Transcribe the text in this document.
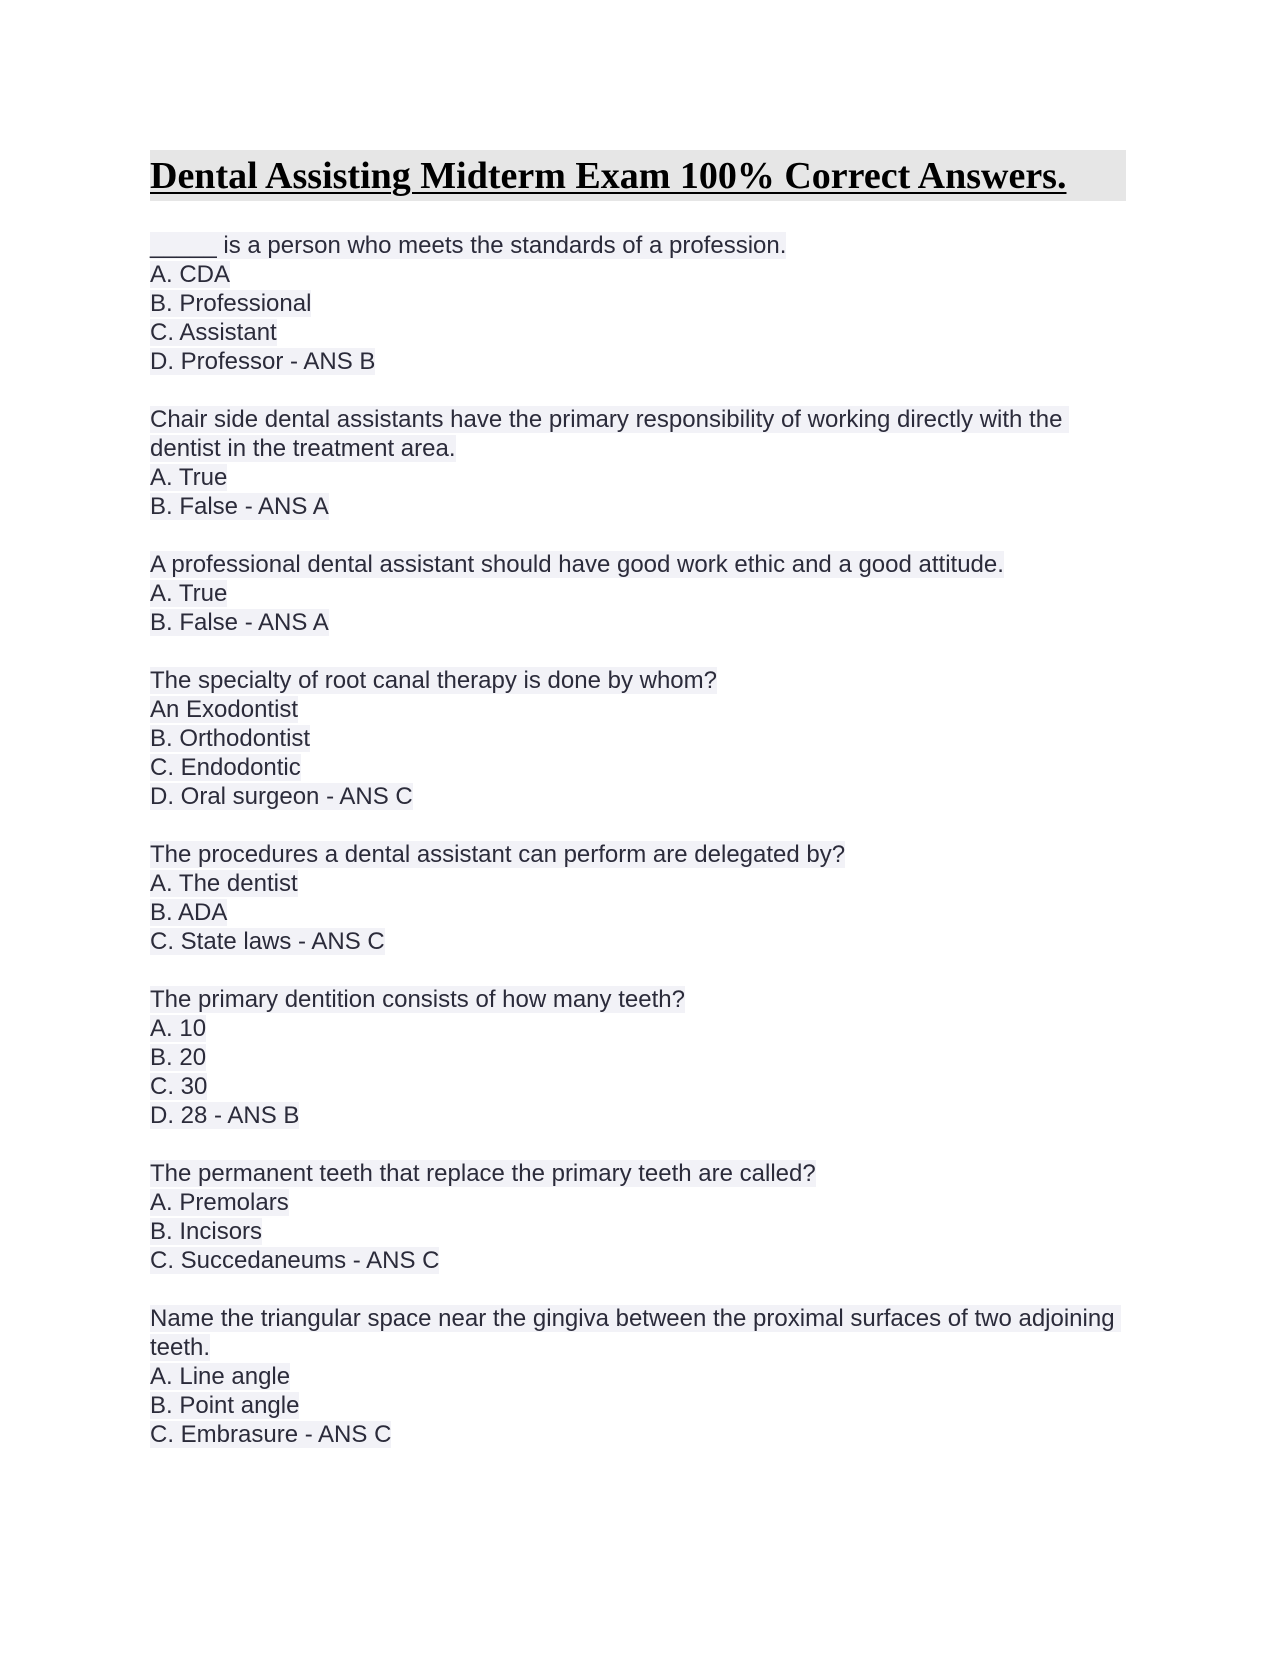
Dental Assisting Midterm Exam 100% Correct Answers.
_____ is a person who meets the standards of a profession.
A. CDA
B. Professional
C. Assistant
D. Professor - ANS B
Chair side dental assistants have the primary responsibility of working directly with the dentist in the treatment area.
A. True
B. False - ANS A
A professional dental assistant should have good work ethic and a good attitude.
A. True
B. False - ANS A
The specialty of root canal therapy is done by whom?
An Exodontist
B. Orthodontist
C. Endodontic
D. Oral surgeon - ANS C
The procedures a dental assistant can perform are delegated by?
A. The dentist
B. ADA
C. State laws - ANS C
The primary dentition consists of how many teeth?
A. 10
B. 20
C. 30
D. 28 - ANS B
The permanent teeth that replace the primary teeth are called?
A. Premolars
B. Incisors
C. Succedaneums - ANS C
Name the triangular space near the gingiva between the proximal surfaces of two adjoining teeth.
A. Line angle
B. Point angle
C. Embrasure - ANS C
